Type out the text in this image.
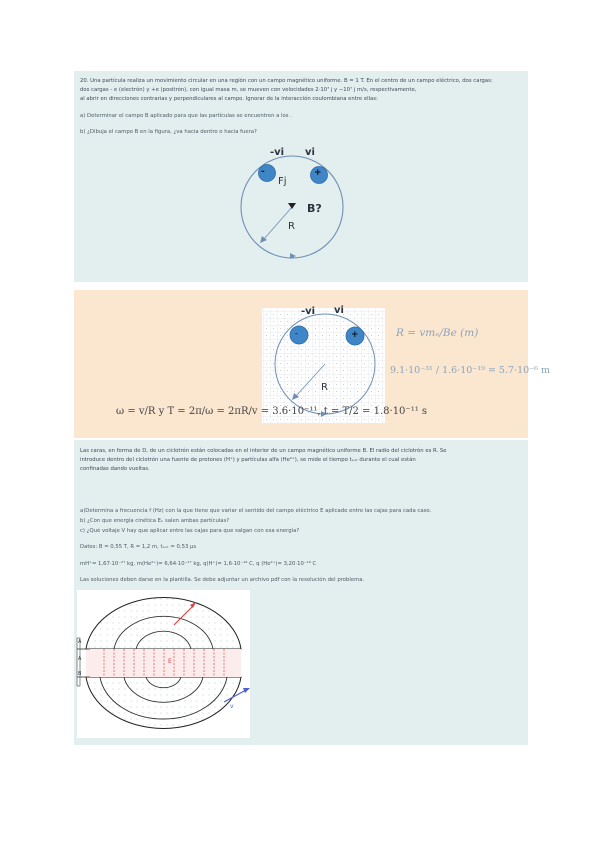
20. Una partícula realiza un movimiento circular en una región con un campo magnético uniforme. B = 1 T. En el centro de un campo eléctrico, dos cargas:
dos cargas - e (electrón) y +e (positrón), con igual masa m, se mueven con velocidades 2·10⁷ j y −10⁷ j m/s, respectivamente,
al abrir en direcciones contrarias y perpendiculares al campo. Ignorar de la interacción coulombiana entre ellas:
a) Determinar el campo B aplicado para que las partículas se encuentren a los .
b) ¿Dibuja el campo B en la figura, ¿va hacia dentro o hacia fuera?
-	+
-vi vi
Fj
B?
R
-	+
-vi vi
R
R = vmₑ/Be (m)
9.1·10⁻³¹ / 1.6·10⁻¹⁹ = 5.7·10⁻⁶ m
ω = v/R y T = 2π/ω = 2πR/v = 3.6·10⁻¹¹, t = T/2 = 1.8·10⁻¹¹ s
Las caras, en forma de D, de un ciclotrón están colocadas en el interior de un campo magnético uniforme B. El radio del ciclotrón es R. Se
introduce dentro del ciclotrón una fuente de protones (H⁺) y partículas alfa (He²⁺), se mide el tiempo tₑₓₜ durante el cual están
confinadas dando vueltas.
a)Determina a frecuencia f (Hz) con la que tiene que variar el sentido del campo eléctrico E aplicado entre las cajas para cada caso.
b) ¿Con que energía cinética Eₖ salen ambas partículas?
c) ¿Qué voltaje V hay que aplicar entre las cajas para que salgan con esa energía?
Datos: B = 0,55 T, R = 1,2 m, tₑₓₜ = 0,53 μs
mH⁺= 1,67·10⁻²⁷ kg, m(He²⁺)= 6,64·10⁻²⁷ kg, q(H⁺)= 1,6·10⁻¹⁹ C, q (He²⁺)= 3,20·10⁻¹⁹ C
Las soluciones deben darse en la plantilla. Se debe adjuntar un archivo pdf con la resolución del problema.
A
A
B
v
E
